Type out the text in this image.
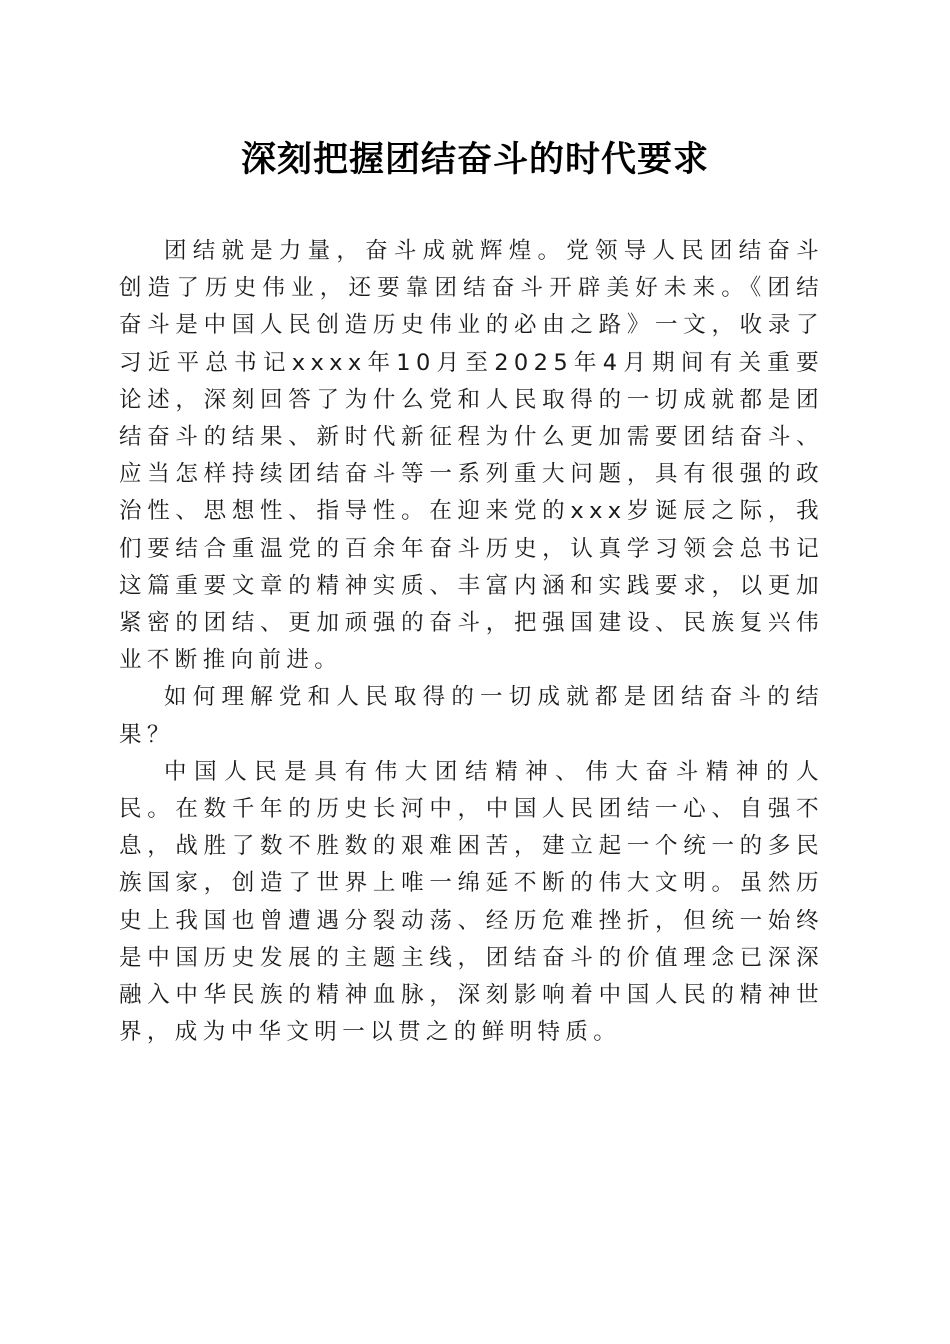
深刻把握团结奋斗的时代要求

团结就是力量，奋斗成就辉煌。党领导人民团结奋斗创造了历史伟业，还要靠团结奋斗开辟美好未来。《团结奋斗是中国人民创造历史伟业的必由之路》一文，收录了习近平总书记xxxx年10月至2025年4月期间有关重要论述，深刻回答了为什么党和人民取得的一切成就都是团结奋斗的结果、新时代新征程为什么更加需要团结奋斗、应当怎样持续团结奋斗等一系列重大问题，具有很强的政治性、思想性、指导性。在迎来党的xxx岁诞辰之际，我们要结合重温党的百余年奋斗历史，认真学习领会总书记这篇重要文章的精神实质、丰富内涵和实践要求，以更加紧密的团结、更加顽强的奋斗，把强国建设、民族复兴伟业不断推向前进。

如何理解党和人民取得的一切成就都是团结奋斗的结果？

中国人民是具有伟大团结精神、伟大奋斗精神的人民。在数千年的历史长河中，中国人民团结一心、自强不息，战胜了数不胜数的艰难困苦，建立起一个统一的多民族国家，创造了世界上唯一绵延不断的伟大文明。虽然历史上我国也曾遭遇分裂动荡、经历危难挫折，但统一始终是中国历史发展的主题主线，团结奋斗的价值理念已深深融入中华民族的精神血脉，深刻影响着中国人民的精神世界，成为中华文明一以贯之的鲜明特质。
